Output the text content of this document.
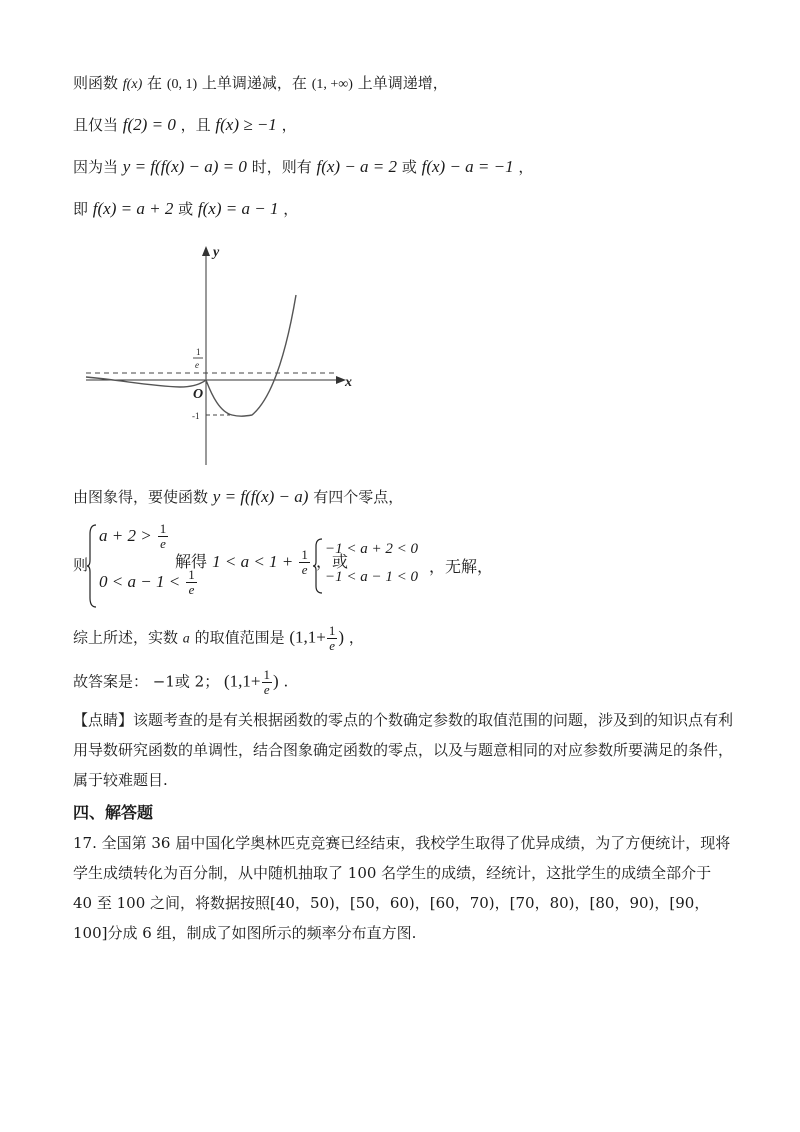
则函数 f(x) 在 (0, 1) 上单调递减，在 (1, +∞) 上单调递增，
且仅当 f(2) = 0 ，且 f(x) ≥ −1 ，
因为当 y = f(f(x) − a) = 0 时，则有 f(x) − a = 2 或 f(x) − a = −1 ，
即 f(x) = a + 2 或 f(x) = a − 1 ，
y
x
1
e
O
-1
由图象得，要使函数 y = f(f(x) − a) 有四个零点，
则
$a + 2 > \frac{1}{e}$
$0 < a - 1 < \frac{1}{e}$
解得 $1 < a < 1 + \frac{1}{e}$ ，或
−1 < a + 2 < 0
−1 < a − 1 < 0
，无解，
综上所述，实数 a 的取值范围是 ($1,1+ \frac{1}{e}$ ) ，
故答案是： −1或 2； ($1,1+ \frac{1}{e}$ ) .
【点睛】该题考查的是有关根据函数的零点的个数确定参数的取值范围的问题，涉及到的知识点有利用导数研究函数的单调性，结合图象确定函数的零点，以及与题意相同的对应参数所要满足的条件，属于较难题目.
四、解答题
17. 全国第 36 届中国化学奥林匹克竞赛已经结束，我校学生取得了优异成绩，为了方便统计，现将学生成绩转化为百分制，从中随机抽取了 100 名学生的成绩，经统计，这批学生的成绩全部介于 40 至 100 之间，将数据按照[40，50)，[50，60)，[60，70)，[70，80)，[80，90)，[90，100]分成 6 组，制成了如图所示的频率分布直方图.
